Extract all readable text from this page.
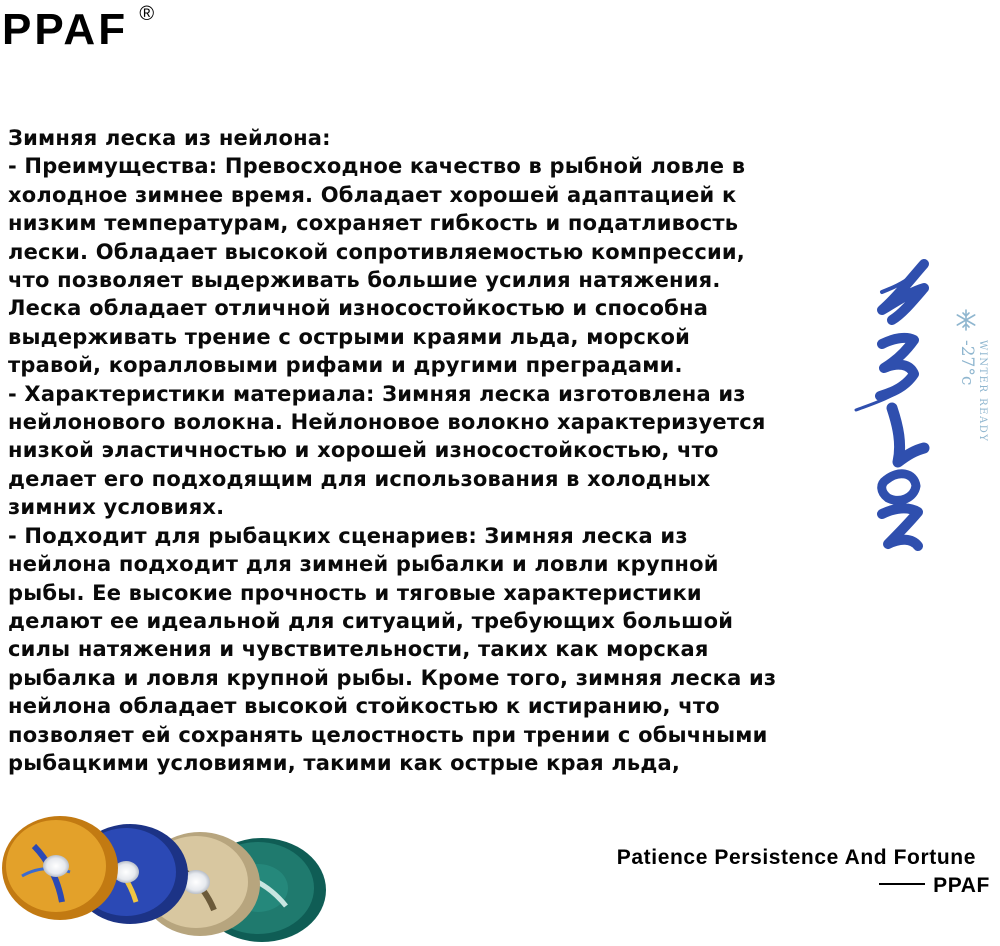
PPAF ®
Зимняя леска из нейлона:
- Преимущества: Превосходное качество в рыбной ловле в
холодное зимнее время. Обладает хорошей адаптацией к
низким температурам, сохраняет гибкость и податливость
лески. Обладает высокой сопротивляемостью компрессии,
что позволяет выдерживать большие усилия натяжения.
Леска обладает отличной износостойкостью и способна
выдерживать трение с острыми краями льда, морской
травой, коралловыми рифами и другими преградами.
- Характеристики материала: Зимняя леска изготовлена из
нейлонового волокна. Нейлоновое волокно характеризуется
низкой эластичностью и хорошей износостойкостью, что
делает его подходящим для использования в холодных
зимних условиях.
- Подходит для рыбацких сценариев: Зимняя леска из
нейлона подходит для зимней рыбалки и ловли крупной
рыбы. Ее высокие прочность и тяговые характеристики
делают ее идеальной для ситуаций, требующих большой
силы натяжения и чувствительности, таких как морская
рыбалка и ловля крупной рыбы. Кроме того, зимняя леска из
нейлона обладает высокой стойкостью к истиранию, что
позволяет ей сохранять целостность при трении с обычными
рыбацкими условиями, такими как острые края льда,
-27°c WINTER READY
Patience Persistence And Fortune
PPAF
